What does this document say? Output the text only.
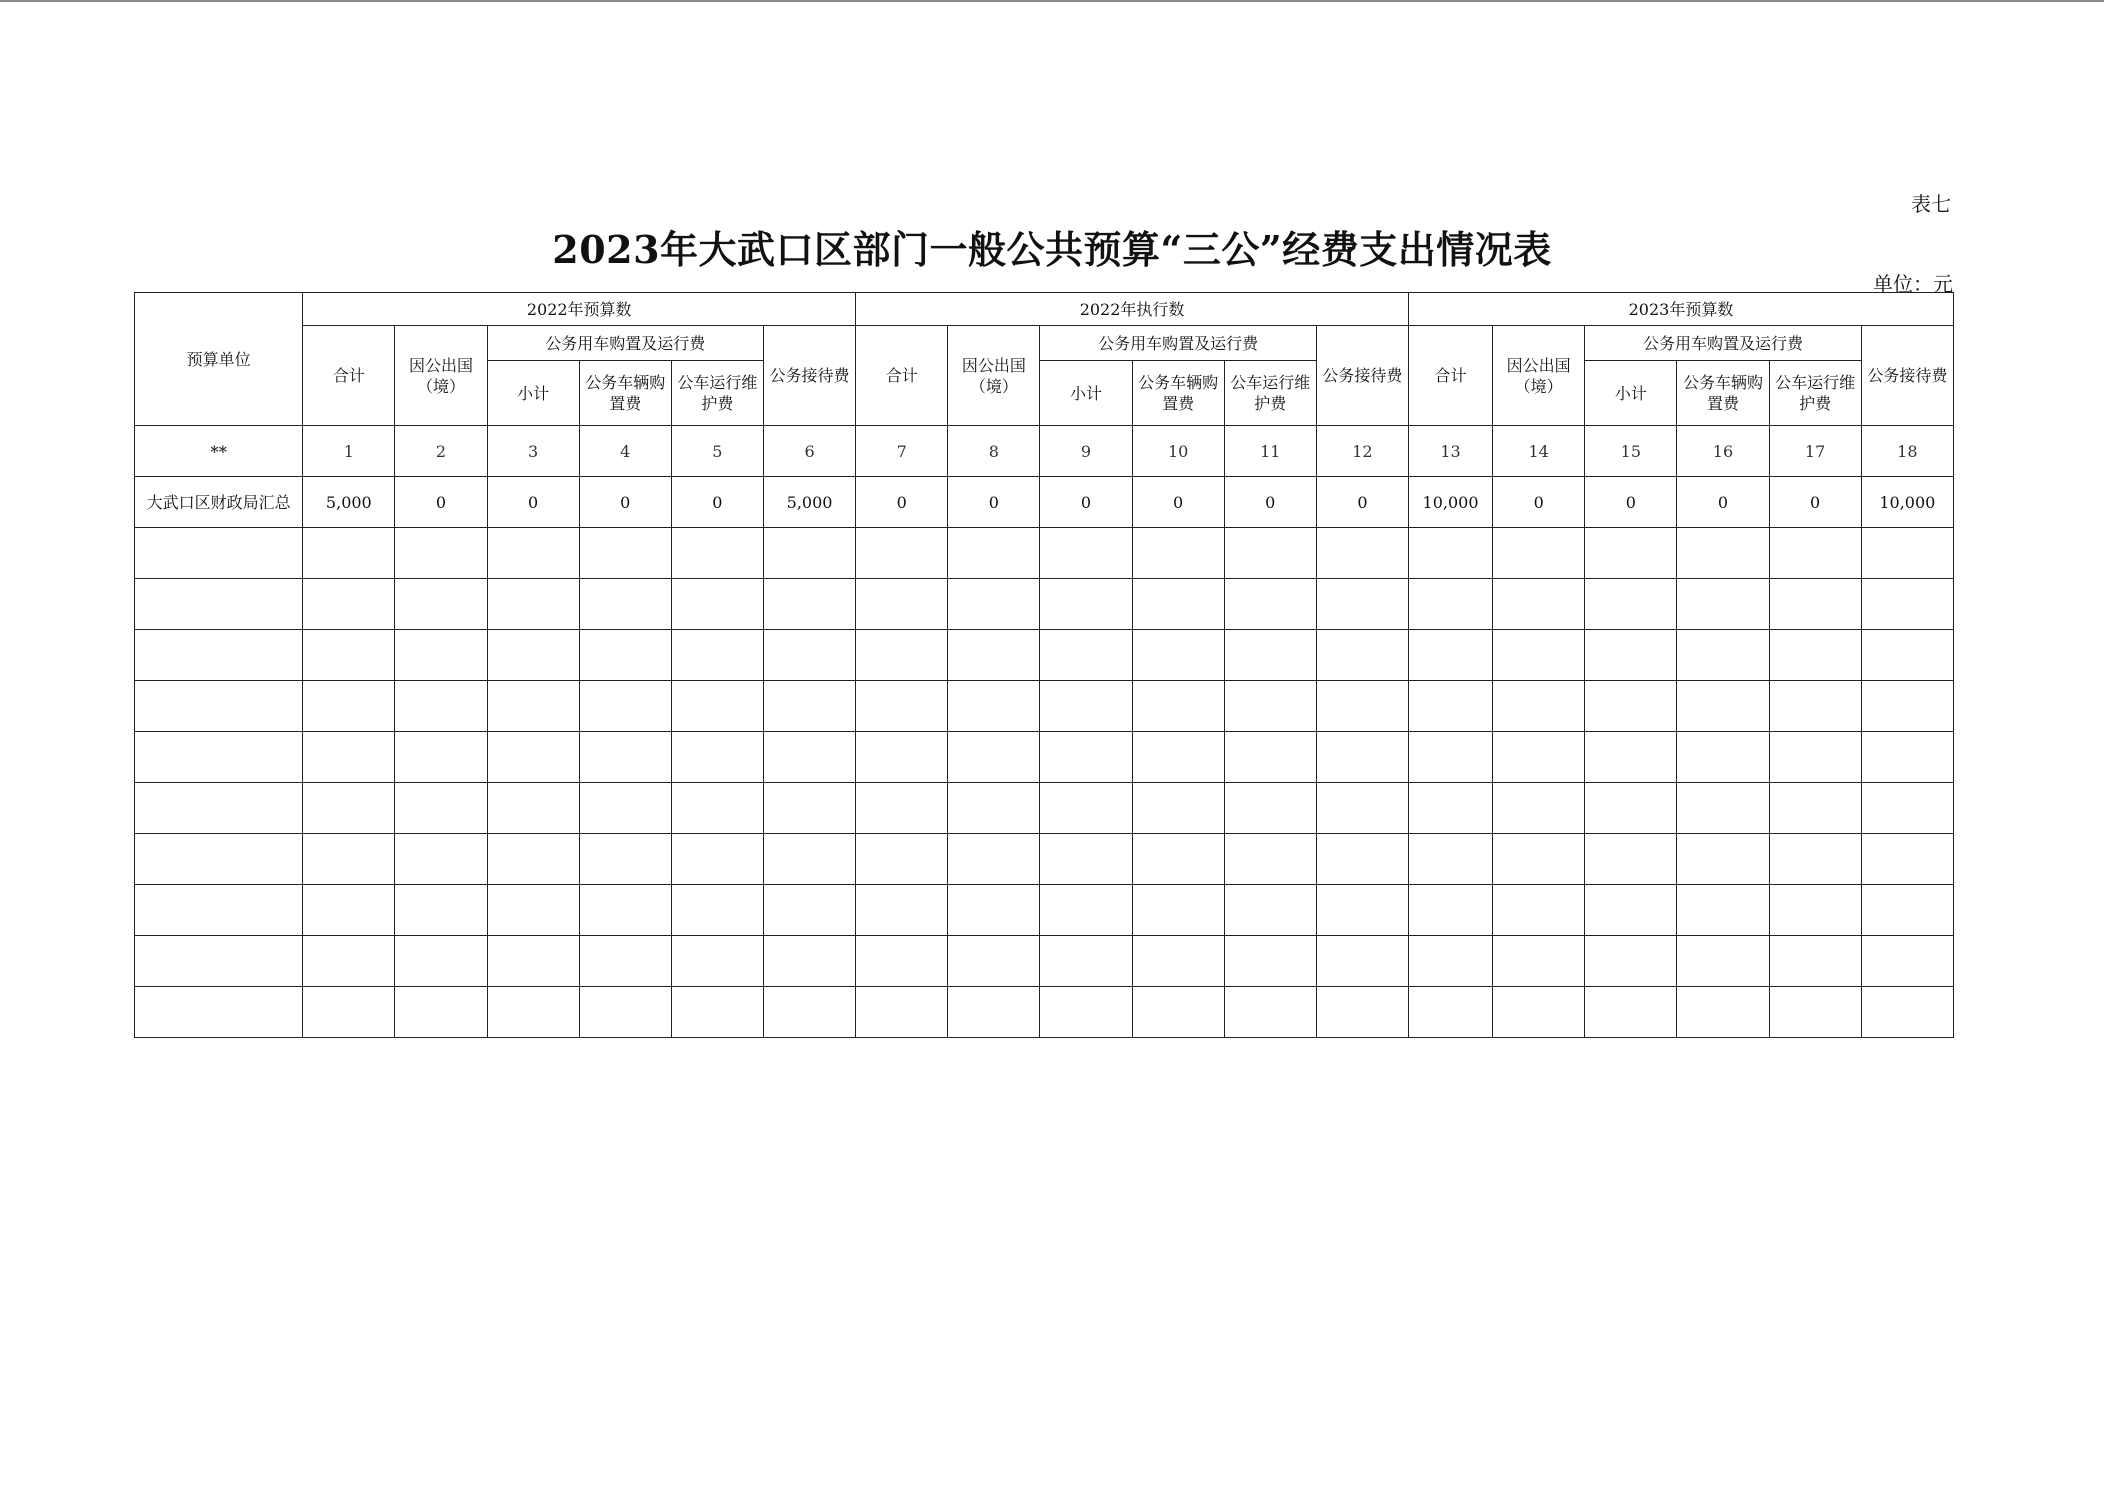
表七
2023年大武口区部门一般公共预算“三公”经费支出情况表
单位：元
预算单位	2022年预算数						2022年执行数						2023年预算数					
	合计	因公出国（境）	公务用车购置及运行费			公务接待费	合计	因公出国（境）	公务用车购置及运行费			公务接待费	合计	因公出国（境）	公务用车购置及运行费			公务接待费
			小计	公务车辆购置费	公车运行维护费				小计	公务车辆购置费	公车运行维护费				小计	公务车辆购置费	公车运行维护费	
**	1	2	3	4	5	6	7	8	9	10	11	12	13	14	15	16	17	18
大武口区财政局汇总	5,000	0	0	0	0	5,000	0	0	0	0	0	0	10,000	0	0	0	0	10,000
